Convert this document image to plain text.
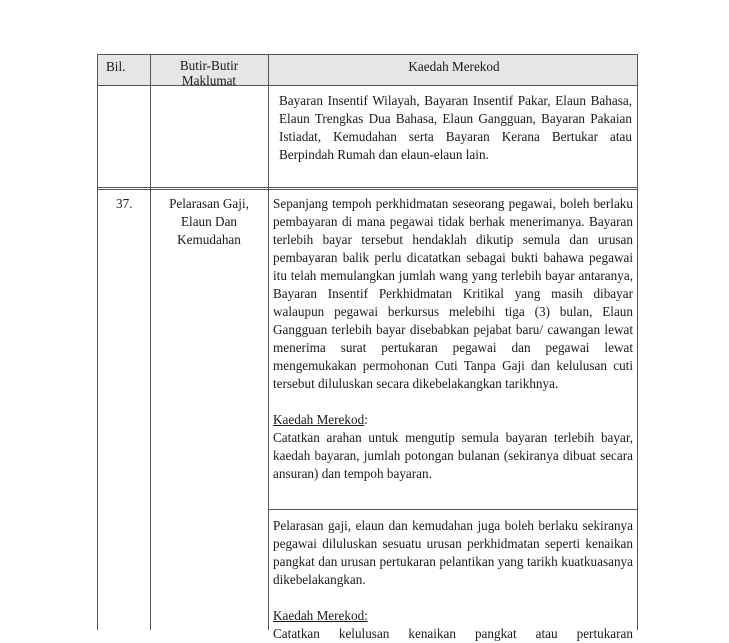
Bil.	Butir-Butir
Maklumat
Kaedah Merekod
Bayaran Insentif Wilayah, Bayaran Insentif Pakar, Elaun Bahasa, Elaun Trengkas Dua Bahasa, Elaun Gangguan, Bayaran Pakaian Istiadat, Kemudahan serta Bayaran Kerana Bertukar atau Berpindah Rumah dan elaun-elaun lain.
37.	Pelarasan Gaji,
Elaun Dan
Kemudahan

Sepanjang tempoh perkhidmatan seseorang pegawai, boleh berlaku pembayaran di mana pegawai tidak berhak menerimanya. Bayaran terlebih bayar tersebut hendaklah dikutip semula dan urusan pembayaran balik perlu dicatatkan sebagai bukti bahawa pegawai itu telah memulangkan jumlah wang yang terlebih bayar antaranya, Bayaran Insentif Perkhidmatan Kritikal yang masih dibayar walaupun pegawai berkursus melebihi tiga (3) bulan, Elaun Gangguan terlebih bayar disebabkan pejabat baru/ cawangan lewat menerima surat pertukaran pegawai dan pegawai lewat mengemukakan permohonan Cuti Tanpa Gaji dan kelulusan cuti tersebut diluluskan secara dikebelakangkan tarikhnya.

Kaedah Merekod:

Catatkan arahan untuk mengutip semula bayaran terlebih bayar, kaedah bayaran, jumlah potongan bulanan (sekiranya dibuat secara ansuran) dan tempoh bayaran.

Pelarasan gaji, elaun dan kemudahan juga boleh berlaku sekiranya pegawai diluluskan sesuatu urusan perkhidmatan seperti kenaikan pangkat dan urusan pertukaran pelantikan yang tarikh kuatkuasanya dikebelakangkan.

Kaedah Merekod:

Catatkan kelulusan kenaikan pangkat atau pertukaran
